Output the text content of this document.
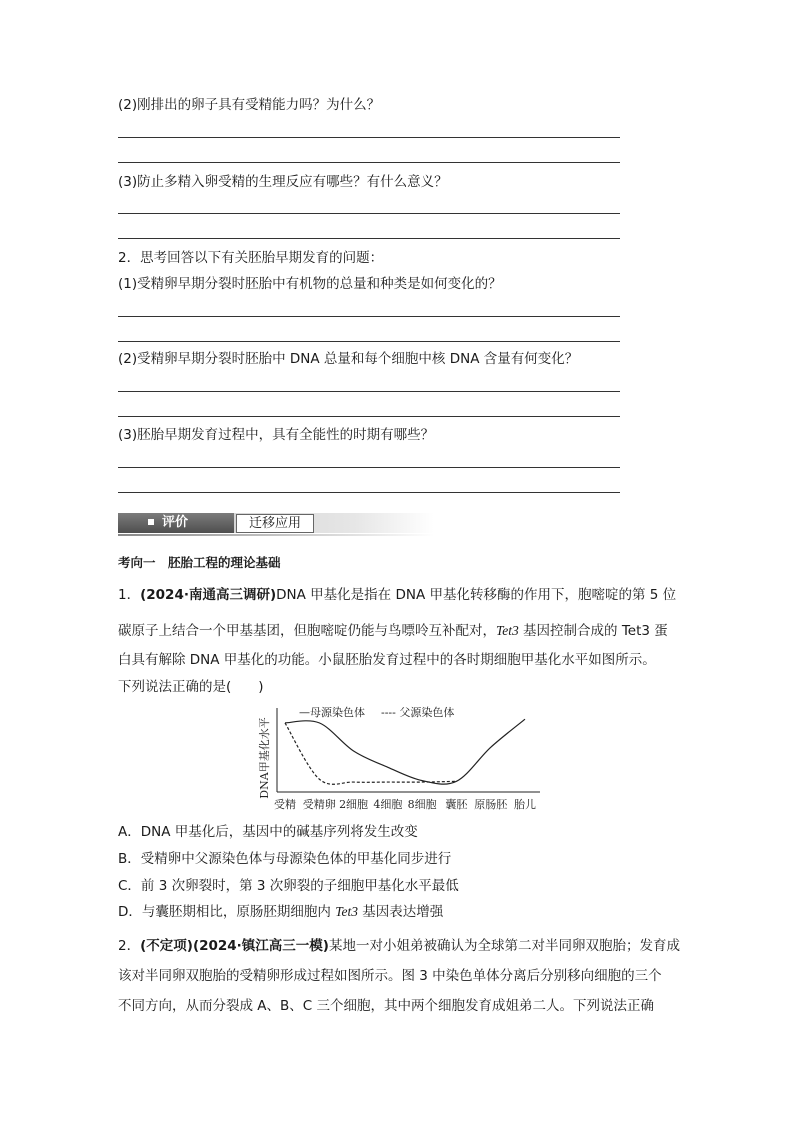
(2)刚排出的卵子具有受精能力吗？为什么？
(3)防止多精入卵受精的生理反应有哪些？有什么意义？
2．思考回答以下有关胚胎早期发育的问题：
(1)受精卵早期分裂时胚胎中有机物的总量和种类是如何变化的？
(2)受精卵早期分裂时胚胎中 DNA 总量和每个细胞中核 DNA 含量有何变化？
(3)胚胎早期发育过程中，具有全能性的时期有哪些？
评价	迁移应用
考向一　胚胎工程的理论基础
1．(2024·南通高三调研)DNA 甲基化是指在 DNA 甲基化转移酶的作用下，胞嘧啶的第 5 位
碳原子上结合一个甲基基团，但胞嘧啶仍能与鸟嘌呤互补配对，Tet3 基因控制合成的 Tet3 蛋
白具有解除 DNA 甲基化的功能。小鼠胚胎发育过程中的各时期细胞甲基化水平如图所示。
下列说法正确的是(　　)
DNA甲基化水平
—母源染色体 ---- 父源染色体
受精 受精卵 2细胞 4细胞 8细胞 囊胚 原肠胚 胎儿
A．DNA 甲基化后，基因中的碱基序列将发生改变
B．受精卵中父源染色体与母源染色体的甲基化同步进行
C．前 3 次卵裂时，第 3 次卵裂的子细胞甲基化水平最低
D．与囊胚期相比，原肠胚期细胞内 Tet3 基因表达增强
2．(不定项)(2024·镇江高三一模)某地一对小姐弟被确认为全球第二对半同卵双胞胎；发育成
该对半同卵双胞胎的受精卵形成过程如图所示。图 3 中染色单体分离后分别移向细胞的三个
不同方向，从而分裂成 A、B、C 三个细胞，其中两个细胞发育成姐弟二人。下列说法正确
